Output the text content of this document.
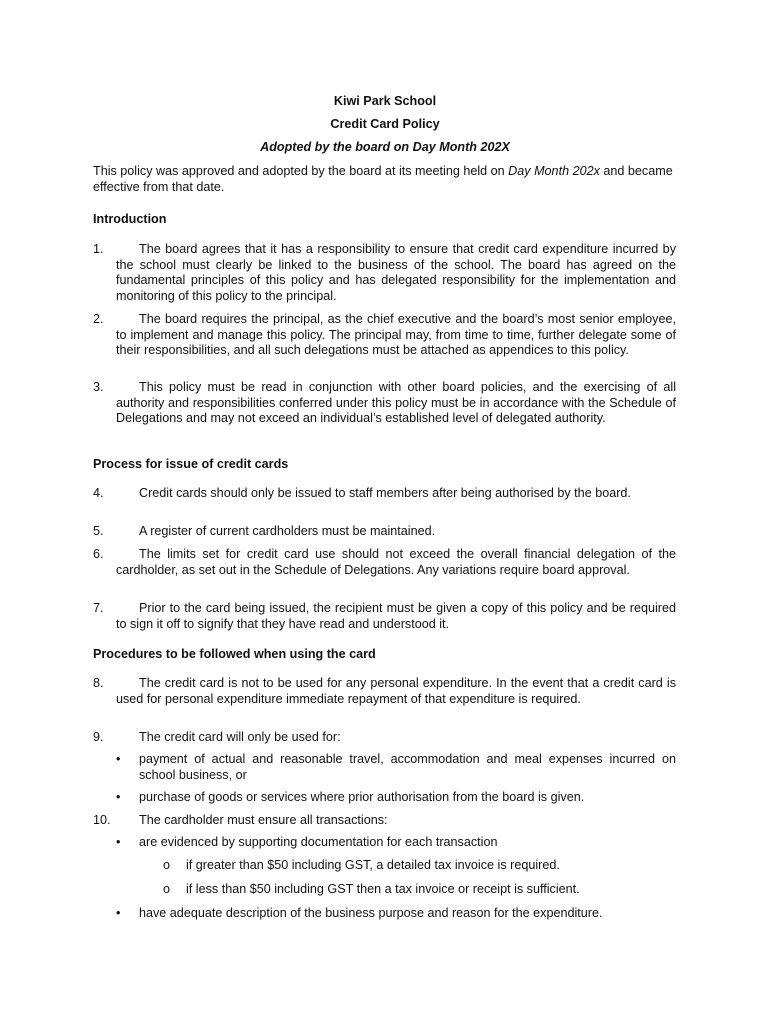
Kiwi Park School
Credit Card Policy
Adopted by the board on Day Month 202X
This policy was approved and adopted by the board at its meeting held on Day Month 202x and became effective from that date.
Introduction
1.	The board agrees that it has a responsibility to ensure that credit card expenditure incurred by the school must clearly be linked to the business of the school. The board has agreed on the fundamental principles of this policy and has delegated responsibility for the implementation and monitoring of this policy to the principal.
2.	The board requires the principal, as the chief executive and the board’s most senior employee, to implement and manage this policy. The principal may, from time to time, further delegate some of their responsibilities, and all such delegations must be attached as appendices to this policy.
3.	This policy must be read in conjunction with other board policies, and the exercising of all authority and responsibilities conferred under this policy must be in accordance with the Schedule of Delegations and may not exceed an individual’s established level of delegated authority.
Process for issue of credit cards
4.	Credit cards should only be issued to staff members after being authorised by the board.
5.	A register of current cardholders must be maintained.
6.	The limits set for credit card use should not exceed the overall financial delegation of the cardholder, as set out in the Schedule of Delegations. Any variations require board approval.
7.	Prior to the card being issued, the recipient must be given a copy of this policy and be required to sign it off to signify that they have read and understood it.
Procedures to be followed when using the card
8.	The credit card is not to be used for any personal expenditure. In the event that a credit card is used for personal expenditure immediate repayment of that expenditure is required.
9.	The credit card will only be used for:
• payment of actual and reasonable travel, accommodation and meal expenses incurred on school business, or
• purchase of goods or services where prior authorisation from the board is given.
10.	The cardholder must ensure all transactions:
• are evidenced by supporting documentation for each transaction
o if greater than $50 including GST, a detailed tax invoice is required.
o if less than $50 including GST then a tax invoice or receipt is sufficient.
• have adequate description of the business purpose and reason for the expenditure.
